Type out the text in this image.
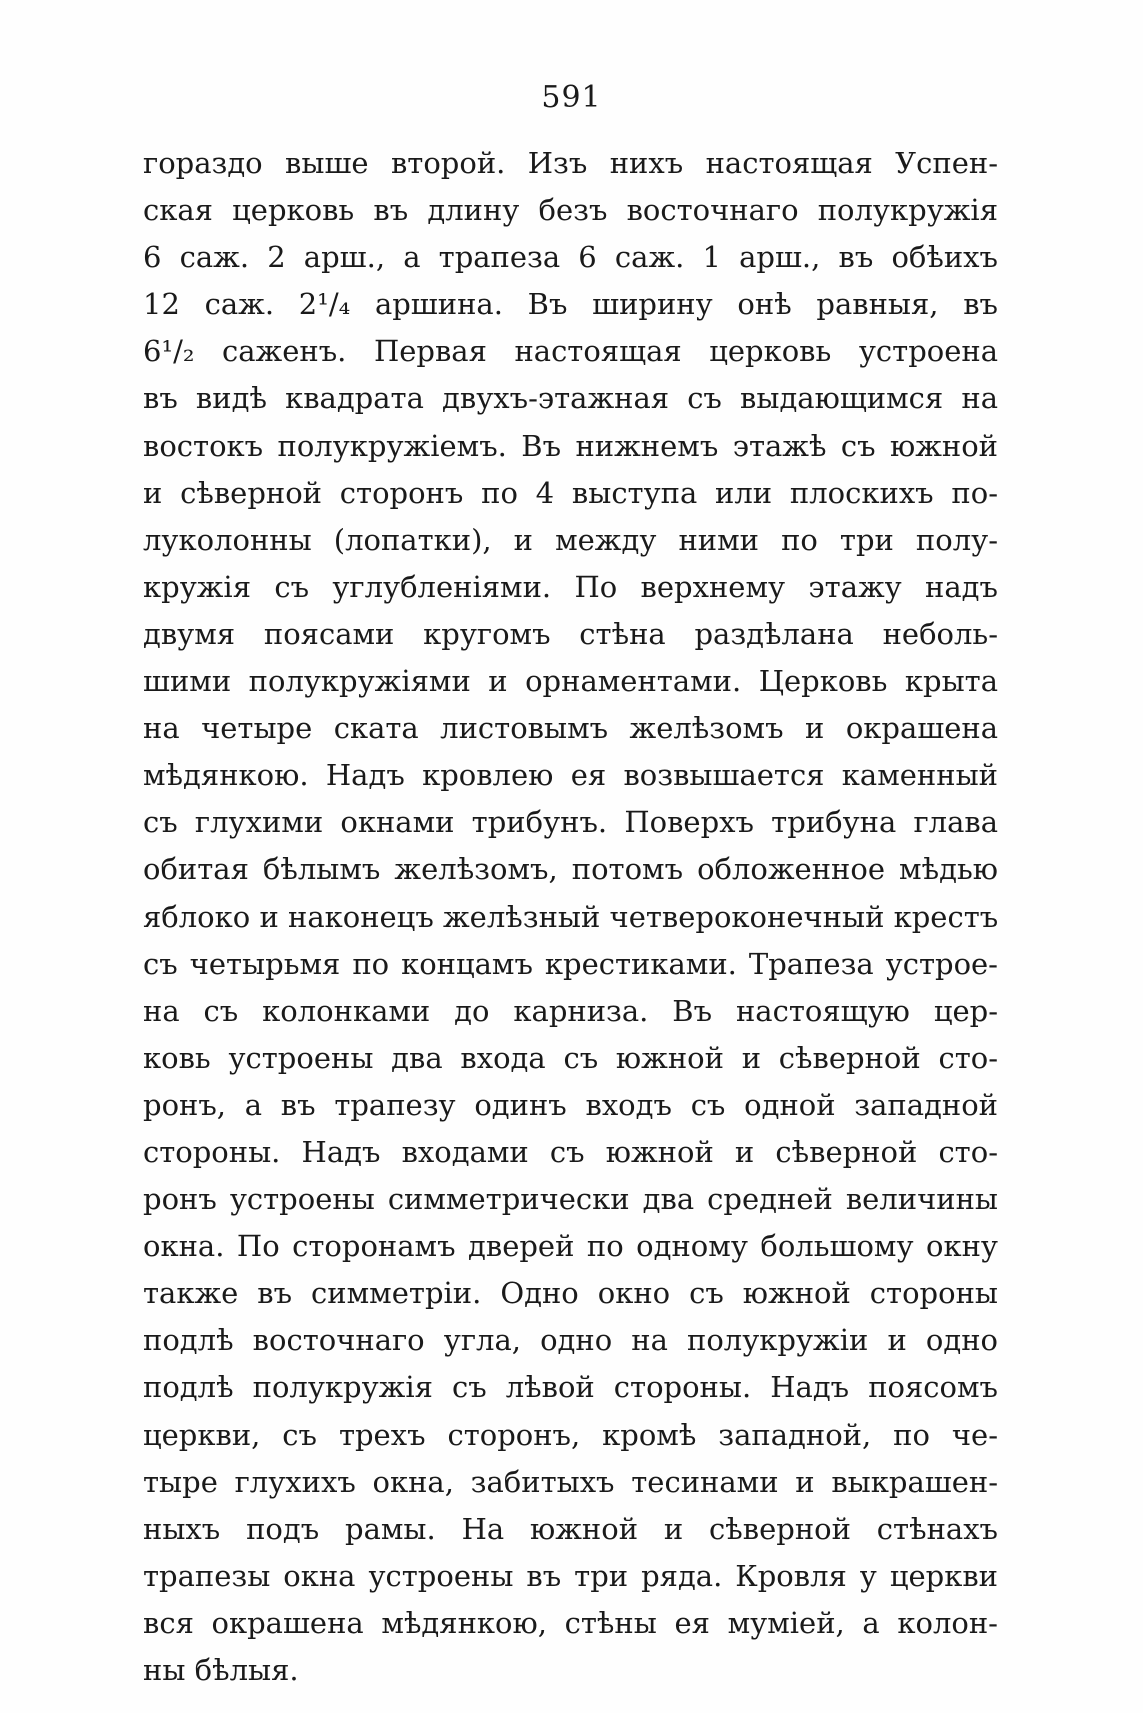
591
гораздо выше второй. Изъ нихъ настоящая Успен-
ская церковь въ длину безъ восточнаго полукружія
6 саж. 2 арш., а трапеза 6 саж. 1 арш., въ обѣихъ
12 саж. 2¹/₄ аршина. Въ ширину онѣ равныя, въ
6¹/₂ саженъ. Первая настоящая церковь устроена
въ видѣ квадрата двухъ-этажная съ выдающимся на
востокъ полукружіемъ. Въ нижнемъ этажѣ съ южной
и сѣверной сторонъ по 4 выступа или плоскихъ по-
луколонны (лопатки), и между ними по три полу-
кружія съ углубленіями. По верхнему этажу надъ
двумя поясами кругомъ стѣна раздѣлана неболь-
шими полукружіями и орнаментами. Церковь крыта
на четыре ската листовымъ желѣзомъ и окрашена
мѣдянкою. Надъ кровлею ея возвышается каменный
съ глухими окнами трибунъ. Поверхъ трибуна глава
обитая бѣлымъ желѣзомъ, потомъ обложенное мѣдью
яблоко и наконецъ желѣзный четвероконечный крестъ
съ четырьмя по концамъ крестиками. Трапеза устрое-
на съ колонками до карниза. Въ настоящую цер-
ковь устроены два входа съ южной и сѣверной сто-
ронъ, а въ трапезу одинъ входъ съ одной западной
стороны. Надъ входами съ южной и сѣверной сто-
ронъ устроены симметрически два средней величины
окна. По сторонамъ дверей по одному большому окну
также въ симметріи. Одно окно съ южной стороны
подлѣ восточнаго угла, одно на полукружіи и одно
подлѣ полукружія съ лѣвой стороны. Надъ поясомъ
церкви, съ трехъ сторонъ, кромѣ западной, по че-
тыре глухихъ окна, забитыхъ тесинами и выкрашен-
ныхъ подъ рамы. На южной и сѣверной стѣнахъ
трапезы окна устроены въ три ряда. Кровля у церкви
вся окрашена мѣдянкою, стѣны ея муміей, а колон-
ны бѣлыя.
